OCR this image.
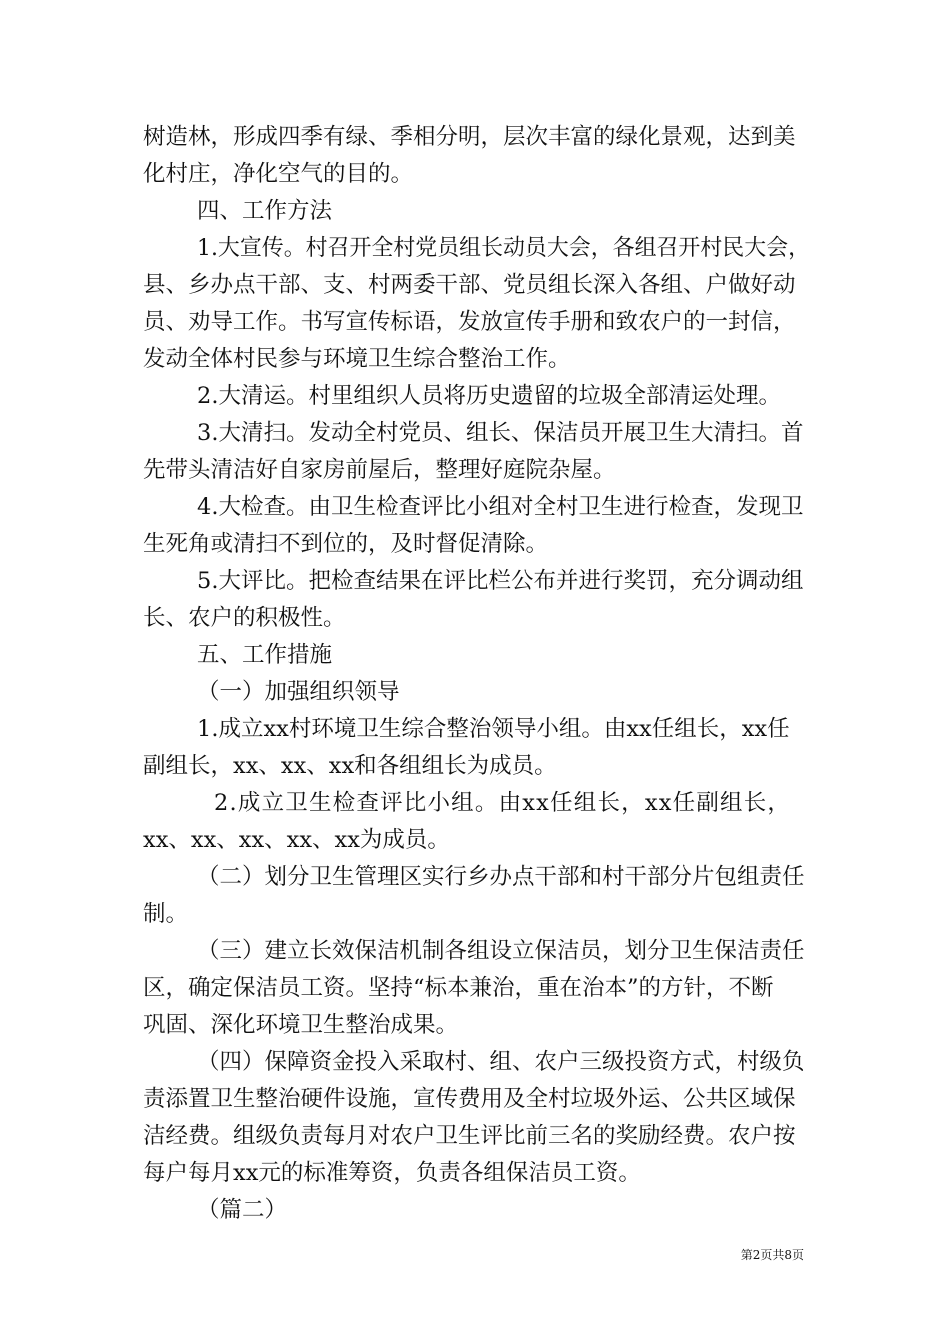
树造林，形成四季有绿、季相分明，层次丰富的绿化景观，达到美

化村庄，净化空气的目的。

四、工作方法

1.大宣传。村召开全村党员组长动员大会，各组召开村民大会，

县、乡办点干部、支、村两委干部、党员组长深入各组、户做好动

员、劝导工作。书写宣传标语，发放宣传手册和致农户的一封信，

发动全体村民参与环境卫生综合整治工作。

2.大清运。村里组织人员将历史遗留的垃圾全部清运处理。

3.大清扫。发动全村党员、组长、保洁员开展卫生大清扫。首

先带头清洁好自家房前屋后，整理好庭院杂屋。

4.大检查。由卫生检查评比小组对全村卫生进行检查，发现卫

生死角或清扫不到位的，及时督促清除。

5.大评比。把检查结果在评比栏公布并进行奖罚，充分调动组

长、农户的积极性。

五、工作措施

（一）加强组织领导

1.成立xx村环境卫生综合整治领导小组。由xx任组长，xx任

副组长，xx、xx、xx和各组组长为成员。

2.成立卫生检查评比小组。由xx任组长，xx任副组长，

xx、xx、xx、xx、xx为成员。

（二）划分卫生管理区实行乡办点干部和村干部分片包组责任

制。

（三）建立长效保洁机制各组设立保洁员，划分卫生保洁责任

区，确定保洁员工资。坚持“标本兼治，重在治本”的方针，不断

巩固、深化环境卫生整治成果。

（四）保障资金投入采取村、组、农户三级投资方式，村级负

责添置卫生整治硬件设施，宣传费用及全村垃圾外运、公共区域保

洁经费。组级负责每月对农户卫生评比前三名的奖励经费。农户按

每户每月xx元的标准筹资，负责各组保洁员工资。

（篇二）

第2页共8页
